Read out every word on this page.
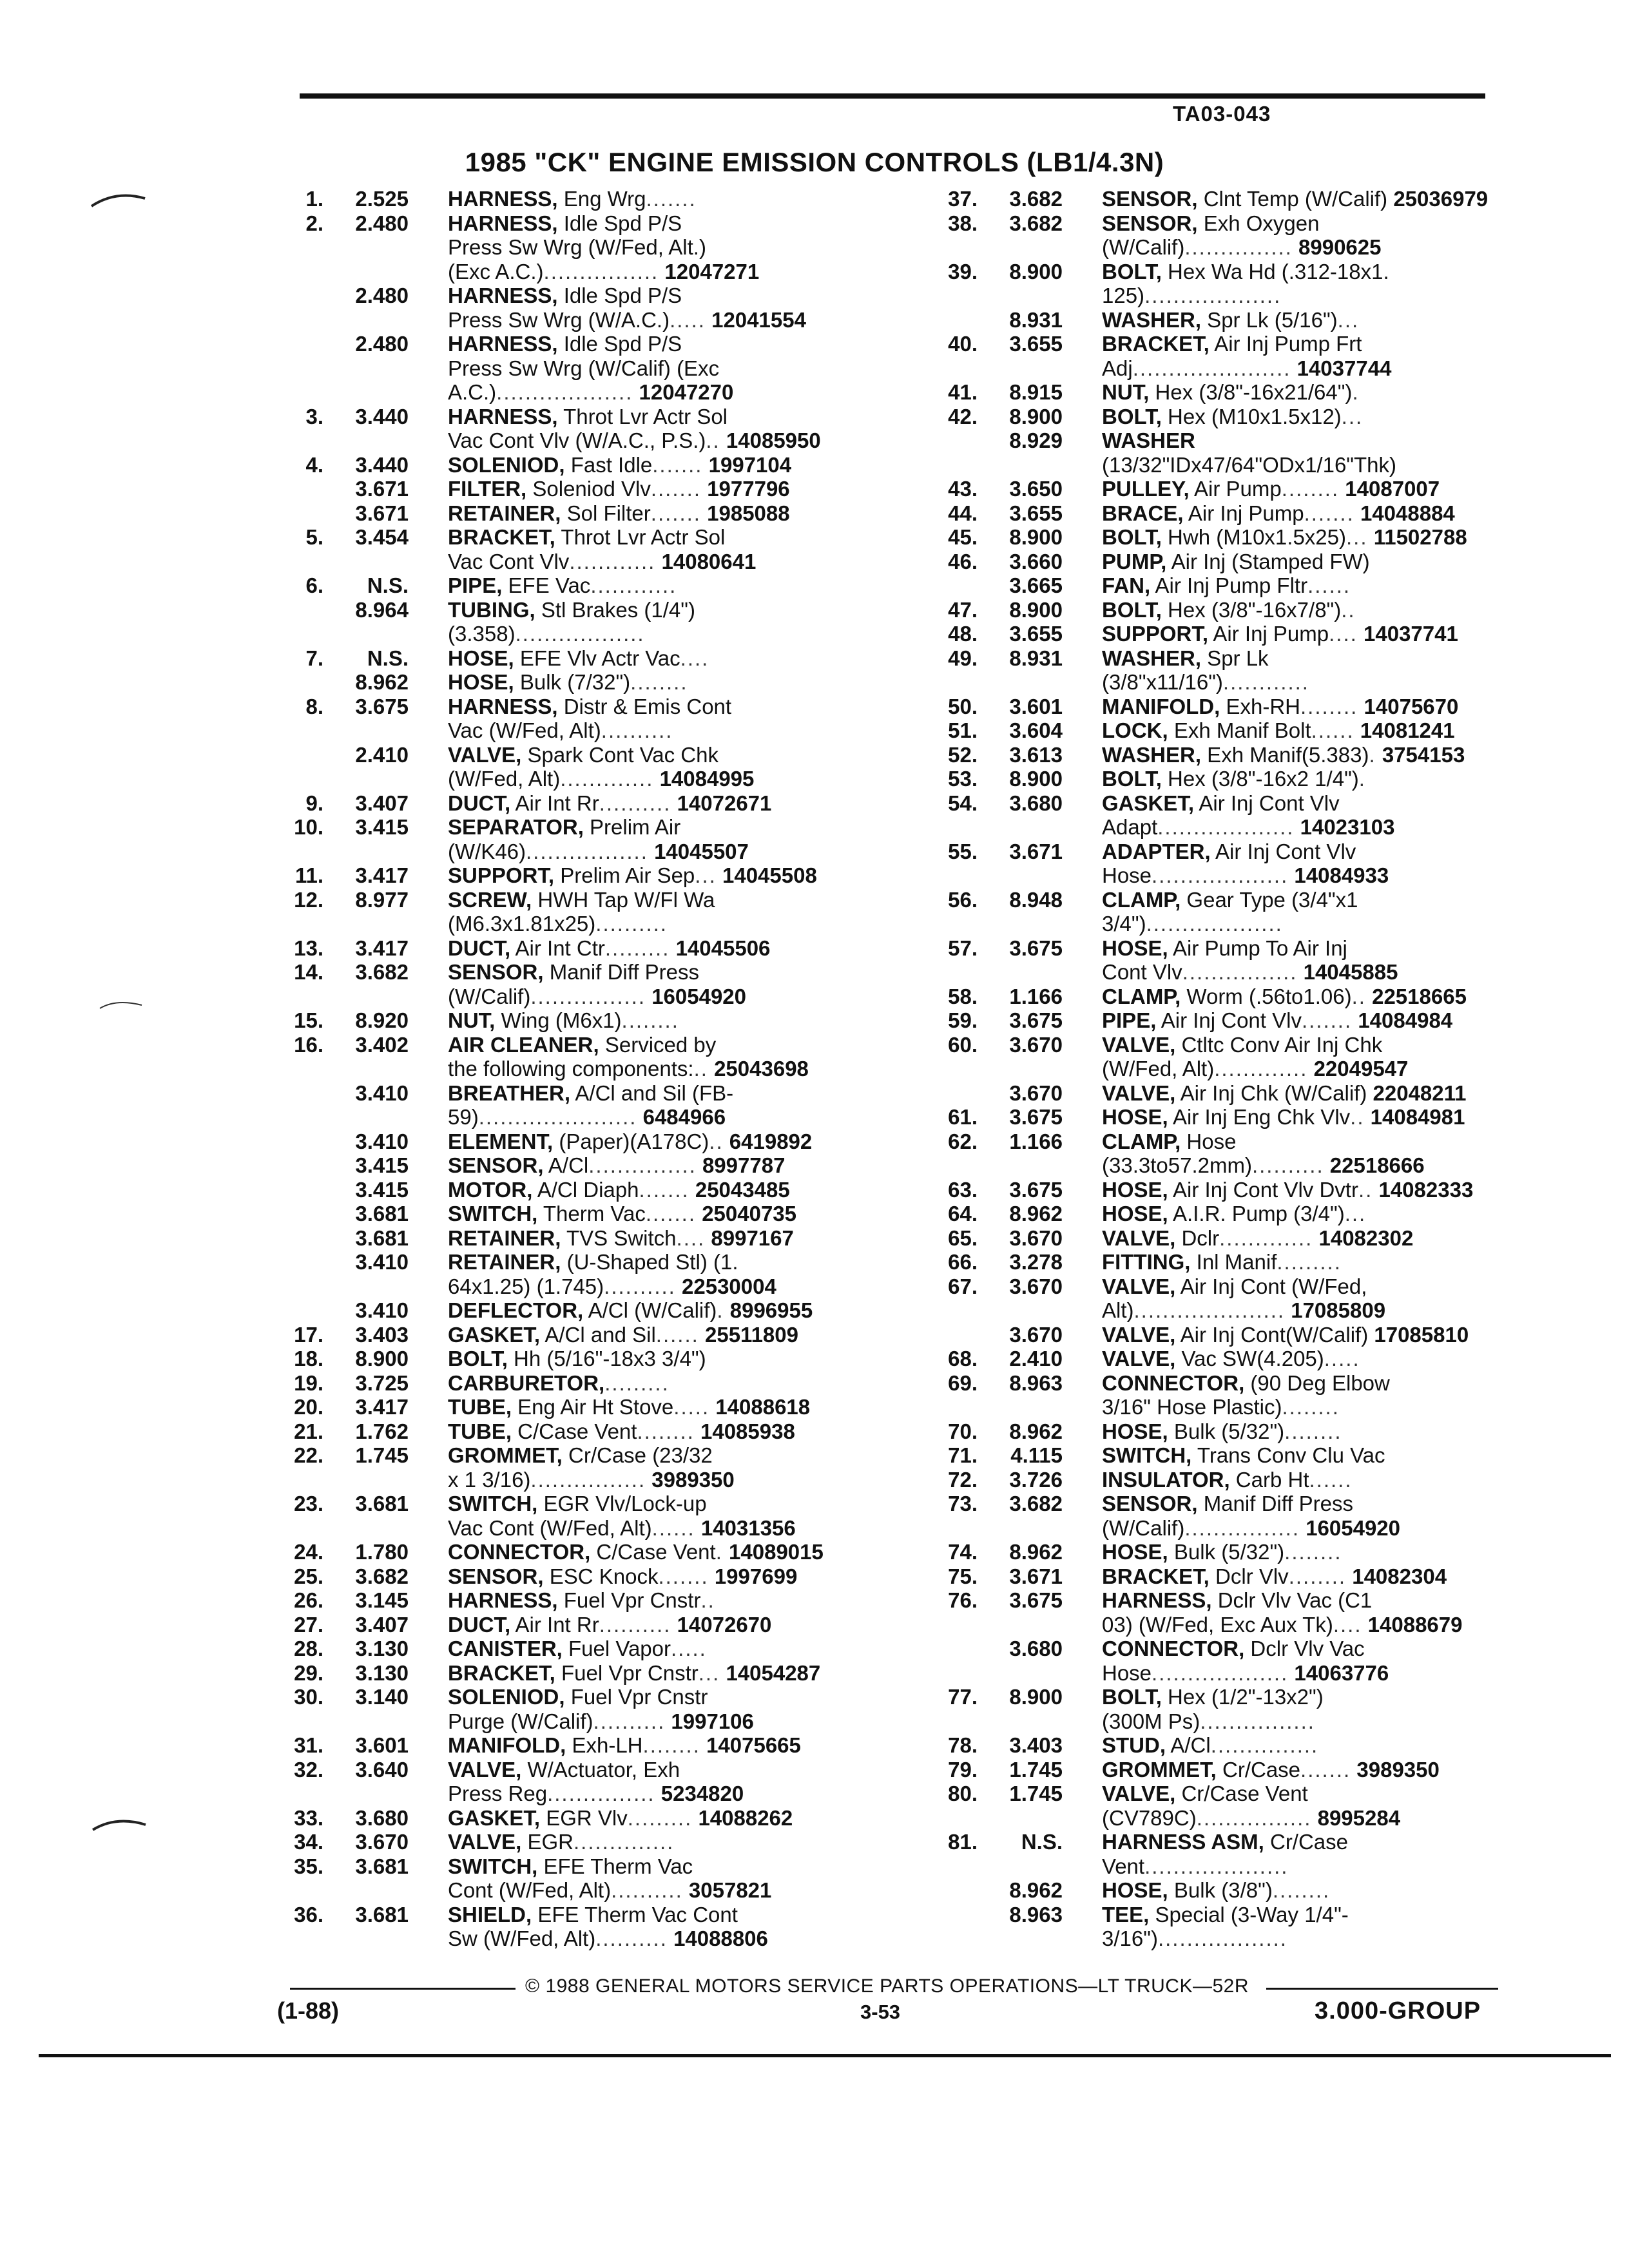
TA03-043
1985 "CK" ENGINE EMISSION CONTROLS (LB1/4.3N)
1.	2.525 HARNESS, Eng Wrg.......
2.	2.480 HARNESS, Idle Spd P/S
Press Sw Wrg (W/Fed, Alt.)
(Exc A.C.)................ 12047271
2.480 HARNESS, Idle Spd P/S
Press Sw Wrg (W/A.C.)..... 12041554
2.480 HARNESS, Idle Spd P/S
Press Sw Wrg (W/Calif) (Exc
A.C.)................... 12047270
3.	3.440 HARNESS, Throt Lvr Actr Sol
Vac Cont Vlv (W/A.C., P.S.).. 14085950
4.	3.440 SOLENIOD, Fast Idle....... 1997104
3.671 FILTER, Soleniod Vlv....... 1977796
3.671 RETAINER, Sol Filter....... 1985088
5.	3.454 BRACKET, Throt Lvr Actr Sol
Vac Cont Vlv............ 14080641
6.	N.S. PIPE, EFE Vac............
8.964 TUBING, Stl Brakes (1/4")
(3.358)..................
7.	N.S. HOSE, EFE Vlv Actr Vac....
8.962 HOSE, Bulk (7/32")........
8.	3.675 HARNESS, Distr & Emis Cont
Vac (W/Fed, Alt)..........
2.410 VALVE, Spark Cont Vac Chk
(W/Fed, Alt)............. 14084995
9.	3.407 DUCT, Air Int Rr.......... 14072671
10.	3.415 SEPARATOR, Prelim Air
(W/K46)................. 14045507
11.	3.417 SUPPORT, Prelim Air Sep... 14045508
12.	8.977 SCREW, HWH Tap W/Fl Wa
(M6.3x1.81x25)..........
13.	3.417 DUCT, Air Int Ctr......... 14045506
14.	3.682 SENSOR, Manif Diff Press
(W/Calif)................ 16054920
15.	8.920 NUT, Wing (M6x1)........
16.	3.402 AIR CLEANER, Serviced by
the following components:.. 25043698
3.410 BREATHER, A/Cl and Sil (FB-
59)...................... 6484966
3.410 ELEMENT, (Paper)(A178C).. 6419892
3.415 SENSOR, A/Cl............... 8997787
3.415 MOTOR, A/Cl Diaph....... 25043485
3.681 SWITCH, Therm Vac....... 25040735
3.681 RETAINER, TVS Switch.... 8997167
3.410 RETAINER, (U-Shaped Stl) (1.
64x1.25) (1.745).......... 22530004
3.410 DEFLECTOR, A/Cl (W/Calif). 8996955
17.	3.403 GASKET, A/Cl and Sil...... 25511809
18.	8.900 BOLT, Hh (5/16"-18x3 3/4")
19.	3.725 CARBURETOR,.........
20.	3.417 TUBE, Eng Air Ht Stove..... 14088618
21.	1.762 TUBE, C/Case Vent........ 14085938
22.	1.745 GROMMET, Cr/Case (23/32
x 1 3/16)................ 3989350
23.	3.681 SWITCH, EGR Vlv/Lock-up
Vac Cont (W/Fed, Alt)...... 14031356
24.	1.780 CONNECTOR, C/Case Vent. 14089015
25.	3.682 SENSOR, ESC Knock....... 1997699
26.	3.145 HARNESS, Fuel Vpr Cnstr..
27.	3.407 DUCT, Air Int Rr.......... 14072670
28.	3.130 CANISTER, Fuel Vapor.....
29.	3.130 BRACKET, Fuel Vpr Cnstr... 14054287
30.	3.140 SOLENIOD, Fuel Vpr Cnstr
Purge (W/Calif).......... 1997106
31.	3.601 MANIFOLD, Exh-LH........ 14075665
32.	3.640 VALVE, W/Actuator, Exh
Press Reg............... 5234820
33.	3.680 GASKET, EGR Vlv......... 14088262
34.	3.670 VALVE, EGR..............
35.	3.681 SWITCH, EFE Therm Vac
Cont (W/Fed, Alt).......... 3057821
36.	3.681 SHIELD, EFE Therm Vac Cont
Sw (W/Fed, Alt).......... 14088806
37.	3.682 SENSOR, Clnt Temp (W/Calif) 25036979
38.	3.682 SENSOR, Exh Oxygen
(W/Calif)............... 8990625
39.	8.900 BOLT, Hex Wa Hd (.312-18x1.
125)...................
8.931 WASHER, Spr Lk (5/16")...
40.	3.655 BRACKET, Air Inj Pump Frt
Adj...................... 14037744
41.	8.915 NUT, Hex (3/8"-16x21/64").
42.	8.900 BOLT, Hex (M10x1.5x12)...
8.929 WASHER
(13/32"IDx47/64"ODx1/16"Thk)
43.	3.650 PULLEY, Air Pump........ 14087007
44.	3.655 BRACE, Air Inj Pump....... 14048884
45.	8.900 BOLT, Hwh (M10x1.5x25)... 11502788
46.	3.660 PUMP, Air Inj (Stamped FW)
3.665 FAN, Air Inj Pump Fltr......
47.	8.900 BOLT, Hex (3/8"-16x7/8")..
48.	3.655 SUPPORT, Air Inj Pump.... 14037741
49.	8.931 WASHER, Spr Lk
(3/8"x11/16")............
50.	3.601 MANIFOLD, Exh-RH........ 14075670
51.	3.604 LOCK, Exh Manif Bolt...... 14081241
52.	3.613 WASHER, Exh Manif(5.383). 3754153
53.	8.900 BOLT, Hex (3/8"-16x2 1/4").
54.	3.680 GASKET, Air Inj Cont Vlv
Adapt................... 14023103
55.	3.671 ADAPTER, Air Inj Cont Vlv
Hose................... 14084933
56.	8.948 CLAMP, Gear Type (3/4"x1
3/4")...................
57.	3.675 HOSE, Air Pump To Air Inj
Cont Vlv................ 14045885
58.	1.166 CLAMP, Worm (.56to1.06).. 22518665
59.	3.675 PIPE, Air Inj Cont Vlv....... 14084984
60.	3.670 VALVE, Ctltc Conv Air Inj Chk
(W/Fed, Alt)............. 22049547
3.670 VALVE, Air Inj Chk (W/Calif) 22048211
61.	3.675 HOSE, Air Inj Eng Chk Vlv.. 14084981
62.	1.166 CLAMP, Hose
(33.3to57.2mm).......... 22518666
63.	3.675 HOSE, Air Inj Cont Vlv Dvtr.. 14082333
64.	8.962 HOSE, A.I.R. Pump (3/4")...
65.	3.670 VALVE, Dclr............. 14082302
66.	3.278 FITTING, Inl Manif.........
67.	3.670 VALVE, Air Inj Cont (W/Fed,
Alt)..................... 17085809
3.670 VALVE, Air Inj Cont(W/Calif) 17085810
68.	2.410 VALVE, Vac SW(4.205).....
69.	8.963 CONNECTOR, (90 Deg Elbow
3/16" Hose Plastic)........
70.	8.962 HOSE, Bulk (5/32")........
71.	4.115 SWITCH, Trans Conv Clu Vac
72.	3.726 INSULATOR, Carb Ht......
73.	3.682 SENSOR, Manif Diff Press
(W/Calif)................ 16054920
74.	8.962 HOSE, Bulk (5/32")........
75.	3.671 BRACKET, Dclr Vlv........ 14082304
76.	3.675 HARNESS, Dclr Vlv Vac (C1
03) (W/Fed, Exc Aux Tk).... 14088679
3.680 CONNECTOR, Dclr Vlv Vac
Hose................... 14063776
77.	8.900 BOLT, Hex (1/2"-13x2")
(300M Ps)................
78.	3.403 STUD, A/Cl...............
79.	1.745 GROMMET, Cr/Case....... 3989350
80.	1.745 VALVE, Cr/Case Vent
(CV789C)................ 8995284
81.	N.S. HARNESS ASM, Cr/Case
Vent....................
8.962 HOSE, Bulk (3/8")........
8.963 TEE, Special (3-Way 1/4"-
3/16")..................
© 1988 GENERAL MOTORS SERVICE PARTS OPERATIONS—LT TRUCK—52R
(1-88)	3-53	3.000-GROUP
